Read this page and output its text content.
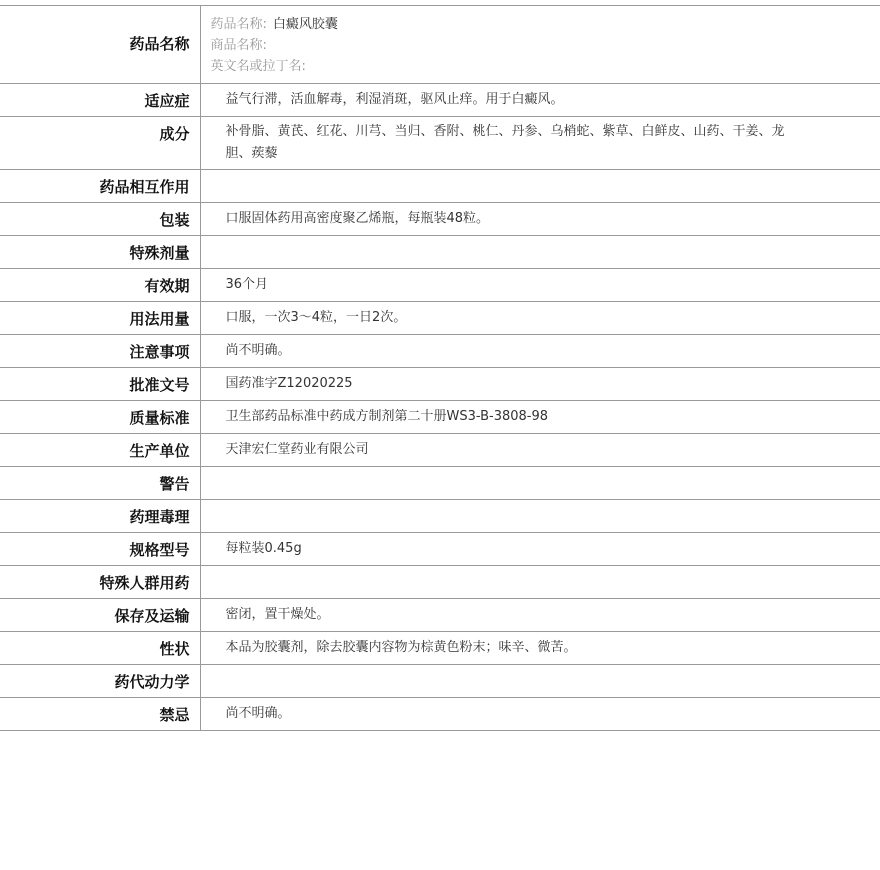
药品名称	药品名称: 白癜风胶囊
商品名称:
英文名或拉丁名:

适应症	益气行滞，活血解毒，利湿消斑，驱风止痒。用于白癜风。
成分	补骨脂、黄芪、红花、川芎、当归、香附、桃仁、丹参、乌梢蛇、紫草、白鲜皮、山药、干姜、龙胆、蒺藜
药品相互作用	
包装	口服固体药用高密度聚乙烯瓶，每瓶装48粒。
特殊剂量	
有效期	36个月
用法用量	口服，一次3～4粒，一日2次。
注意事项	尚不明确。
批准文号	国药准字Z12020225
质量标准	卫生部药品标准中药成方制剂第二十册WS3-B-3808-98
生产单位	天津宏仁堂药业有限公司
警告	
药理毒理	
规格型号	每粒装0.45g
特殊人群用药	
保存及运输	密闭，置干燥处。
性状	本品为胶囊剂，除去胶囊内容物为棕黄色粉末；味辛、微苦。
药代动力学	
禁忌	尚不明确。
